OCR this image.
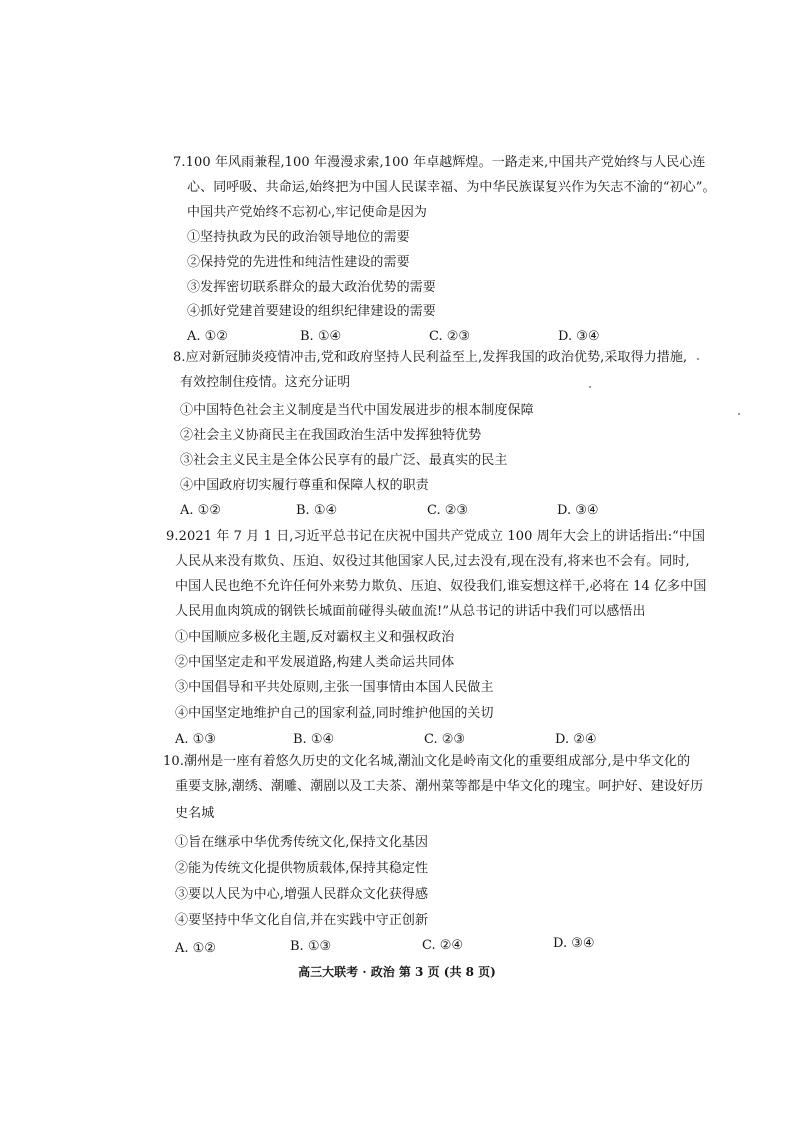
7.100 年风雨兼程,100 年漫漫求索,100 年卓越辉煌。一路走来,中国共产党始终与人民心连
心、同呼吸、共命运,始终把为中国人民谋幸福、为中华民族谋复兴作为矢志不渝的“初心”。
中国共产党始终不忘初心,牢记使命是因为
①坚持执政为民的政治领导地位的需要
②保持党的先进性和纯洁性建设的需要
③发挥密切联系群众的最大政治优势的需要
④抓好党建首要建设的组织纪律建设的需要
A. ①②	B. ①④	C. ②③	D. ③④
8.应对新冠肺炎疫情冲击,党和政府坚持人民利益至上,发挥我国的政治优势,采取得力措施,
有效控制住疫情。这充分证明
①中国特色社会主义制度是当代中国发展进步的根本制度保障
②社会主义协商民主在我国政治生活中发挥独特优势
③社会主义民主是全体公民享有的最广泛、最真实的民主
④中国政府切实履行尊重和保障人权的职责
A. ①②	B. ①④	C. ②③	D. ③④
9.2021 年 7 月 1 日,习近平总书记在庆祝中国共产党成立 100 周年大会上的讲话指出:“中国
人民从来没有欺负、压迫、奴役过其他国家人民,过去没有,现在没有,将来也不会有。同时,
中国人民也绝不允许任何外来势力欺负、压迫、奴役我们,谁妄想这样干,必将在 14 亿多中国
人民用血肉筑成的钢铁长城面前碰得头破血流!”从总书记的讲话中我们可以感悟出
①中国顺应多极化主题,反对霸权主义和强权政治
②中国坚定走和平发展道路,构建人类命运共同体
③中国倡导和平共处原则,主张一国事情由本国人民做主
④中国坚定地维护自己的国家利益,同时维护他国的关切
A. ①③	B. ①④	C. ②③	D. ②④
10.潮州是一座有着悠久历史的文化名城,潮汕文化是岭南文化的重要组成部分,是中华文化的
重要支脉,潮绣、潮雕、潮剧以及工夫茶、潮州菜等都是中华文化的瑰宝。呵护好、建设好历
史名城
①旨在继承中华优秀传统文化,保持文化基因
②能为传统文化提供物质载体,保持其稳定性
③要以人民为中心,增强人民群众文化获得感
④要坚持中华文化自信,并在实践中守正创新
A. ①②	B. ①③	C. ②④	D. ③④
高三大联考 · 政治 第 3 页 (共 8 页)
